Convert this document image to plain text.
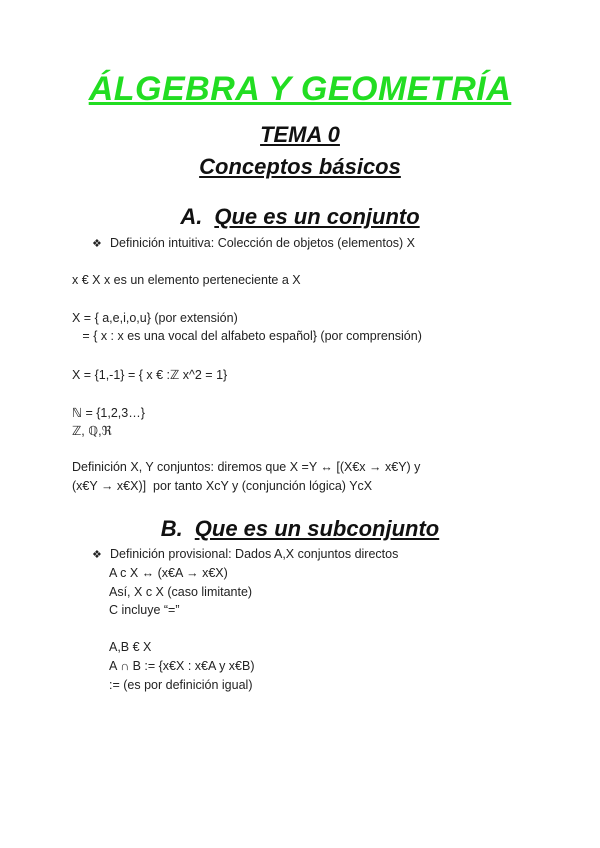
ÁLGEBRA Y GEOMETRÍA
TEMA 0
Conceptos básicos
A. Que es un conjunto
❖ Definición intuitiva: Colección de objetos (elementos) X
x € X x es un elemento perteneciente a X
X = { a,e,i,o,u} (por extensión)
= { x : x es una vocal del alfabeto español} (por comprensión)
X = {1,-1} = { x € :ℤ x^2 = 1}
ℕ = {1,2,3…}
ℤ, ℚ,ℜ
Definición X, Y conjuntos: diremos que X =Y ↔ [(X€x → x€Y) y
(x€Y → x€X)]  por tanto XcY y (conjunción lógica) YcX
B. Que es un subconjunto
❖ Definición provisional: Dados A,X conjuntos directos
A c X ↔ (x€A → x€X)
Así, X c X (caso limitante)
C incluye “=”
A,B € X
A ∩ B := {x€X : x€A y x€B)
:= (es por definición igual)
